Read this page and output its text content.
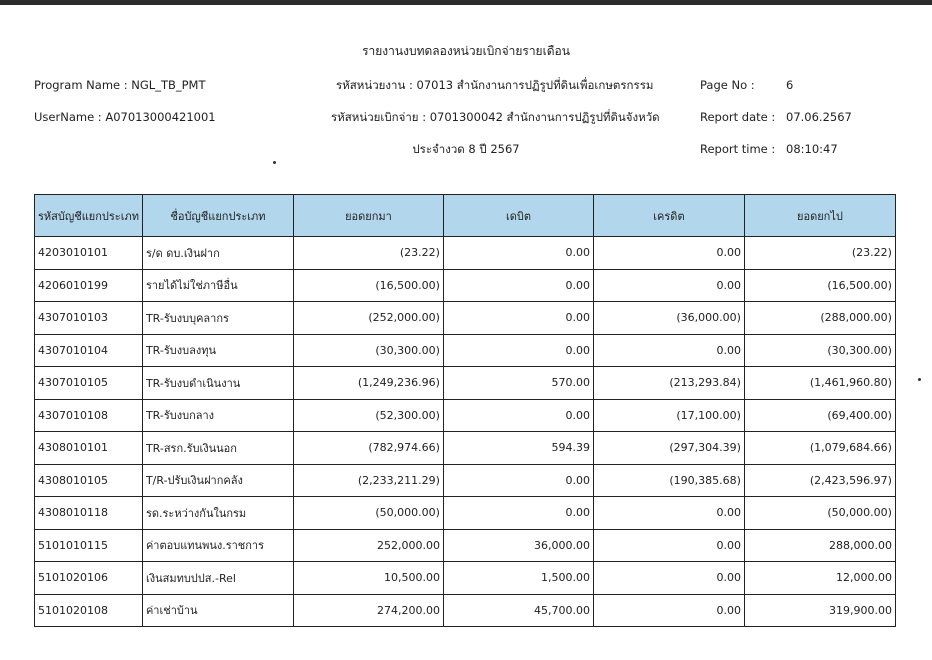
รายงานงบทดลองหน่วยเบิกจ่ายรายเดือน
Program Name : NGL_TB_PMT
UserName : A07013000421001
รหัสหน่วยงาน : 07013 สำนักงานการปฏิรูปที่ดินเพื่อเกษตรกรรม
รหัสหน่วยเบิกจ่าย : 0701300042 สำนักงานการปฏิรูปที่ดินจังหวัด
ประจำงวด 8 ปี 2567
Page No :	6
Report date : 07.06.2567
Report time : 08:10:47
รหัสบัญชีแยกประเภท	ชื่อบัญชีแยกประเภท	ยอดยกมา	เดบิต	เครดิต	ยอดยกไป
4203010101	ร/ด ดบ.เงินฝาก	(23.22)	0.00	0.00	(23.22)
4206010199	รายได้ไม่ใช่ภาษีอื่น	(16,500.00)	0.00	0.00	(16,500.00)
4307010103	TR-รับงบบุคลากร	(252,000.00)	0.00	(36,000.00)	(288,000.00)
4307010104	TR-รับงบลงทุน	(30,300.00)	0.00	0.00	(30,300.00)
4307010105	TR-รับงบดำเนินงาน	(1,249,236.96)	570.00	(213,293.84)	(1,461,960.80)
4307010108	TR-รับงบกลาง	(52,300.00)	0.00	(17,100.00)	(69,400.00)
4308010101	TR-สรก.รับเงินนอก	(782,974.66)	594.39	(297,304.39)	(1,079,684.66)
4308010105	T/R-ปรับเงินฝากคลัง	(2,233,211.29)	0.00	(190,385.68)	(2,423,596.97)
4308010118	รด.ระหว่างกันในกรม	(50,000.00)	0.00	0.00	(50,000.00)
5101010115	ค่าตอบแทนพนง.ราชการ	252,000.00	36,000.00	0.00	288,000.00
5101020106	เงินสมทบปปส.-Rel	10,500.00	1,500.00	0.00	12,000.00
5101020108	ค่าเช่าบ้าน	274,200.00	45,700.00	0.00	319,900.00
